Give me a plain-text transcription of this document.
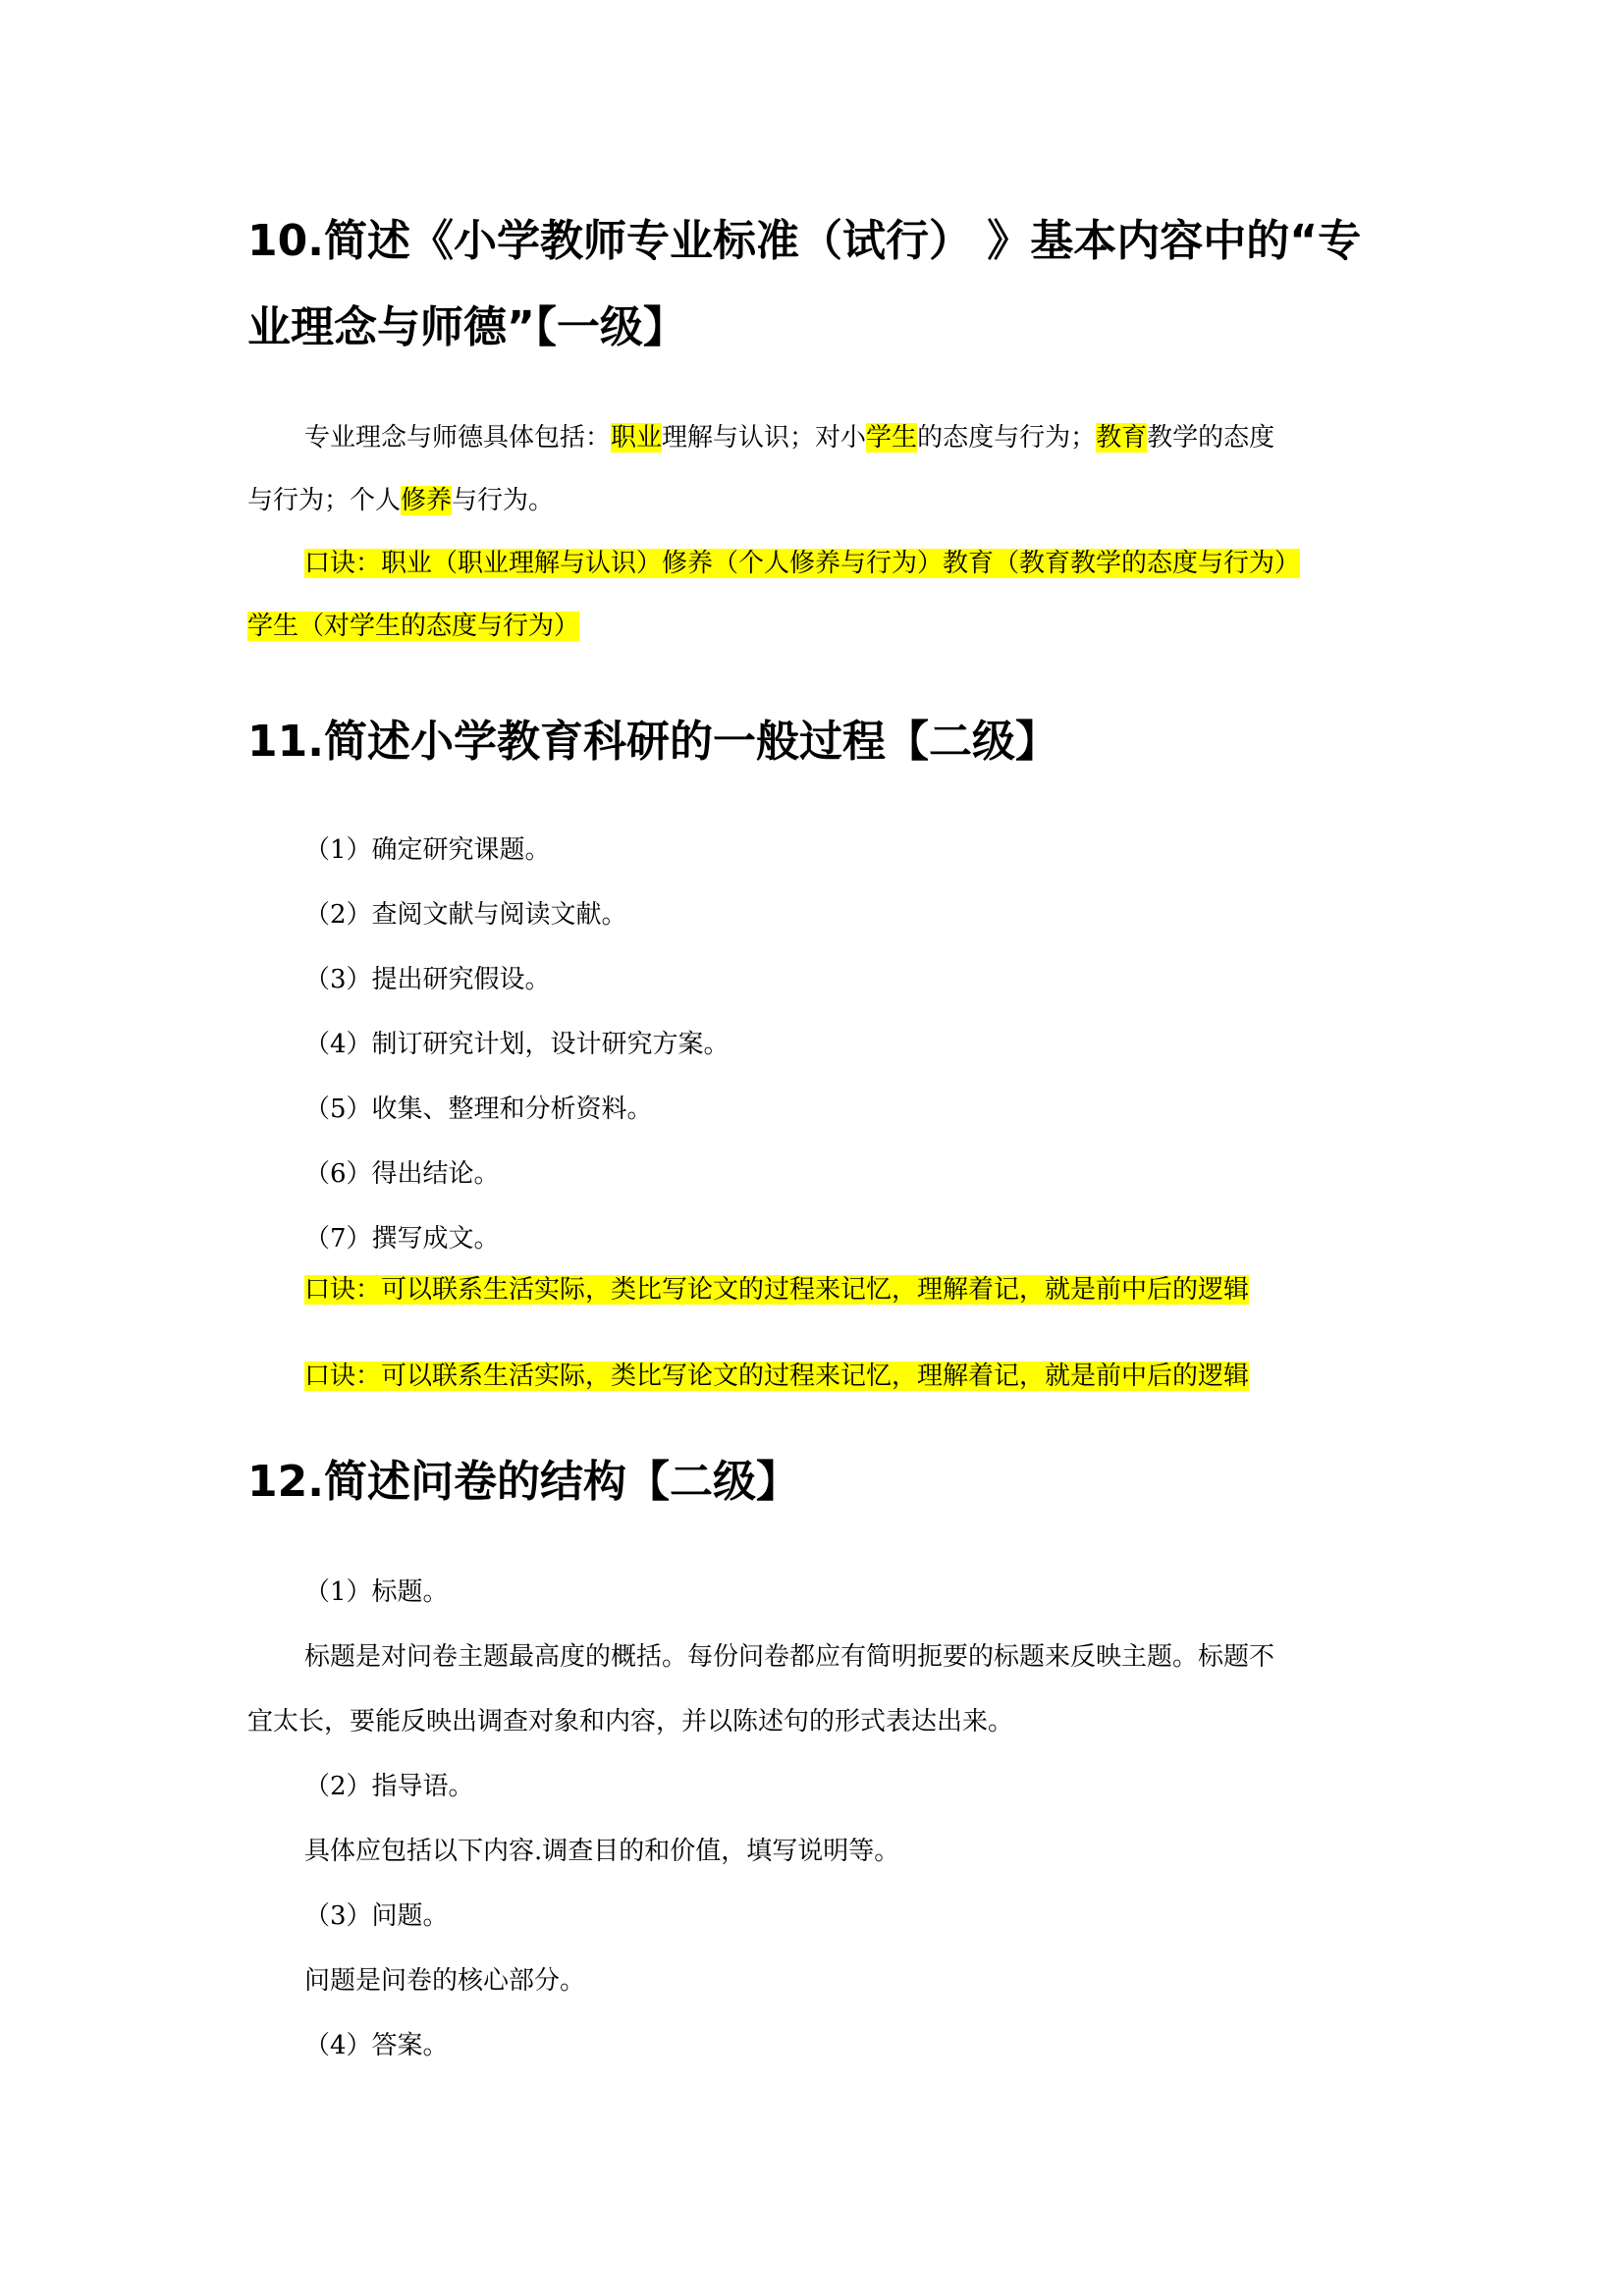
10.简述《小学教师专业标准（试行） 》基本内容中的“专
业理念与师德”【一级】

专业理念与师德具体包括：职业理解与认识；对小学生的态度与行为；教育教学的态度

与行为；个人修养与行为。

口诀：职业（职业理解与认识）修养（个人修养与行为）教育（教育教学的态度与行为）

学生（对学生的态度与行为）

11.简述小学教育科研的一般过程【二级】

（1）确定研究课题。

（2）查阅文献与阅读文献。

（3）提出研究假设。

（4）制订研究计划，设计研究方案。

（5）收集、整理和分析资料。

（6）得出结论。

（7）撰写成文。

口诀：可以联系生活实际，类比写论文的过程来记忆，理解着记，就是前中后的逻辑

口诀：可以联系生活实际，类比写论文的过程来记忆，理解着记，就是前中后的逻辑

12.简述问卷的结构【二级】

（1）标题。

标题是对问卷主题最高度的概括。每份问卷都应有简明扼要的标题来反映主题。标题不

宜太长，要能反映出调查对象和内容，并以陈述句的形式表达出来。

（2）指导语。

具体应包括以下内容.调查目的和价值，填写说明等。

（3）问题。

问题是问卷的核心部分。

（4）答案。
